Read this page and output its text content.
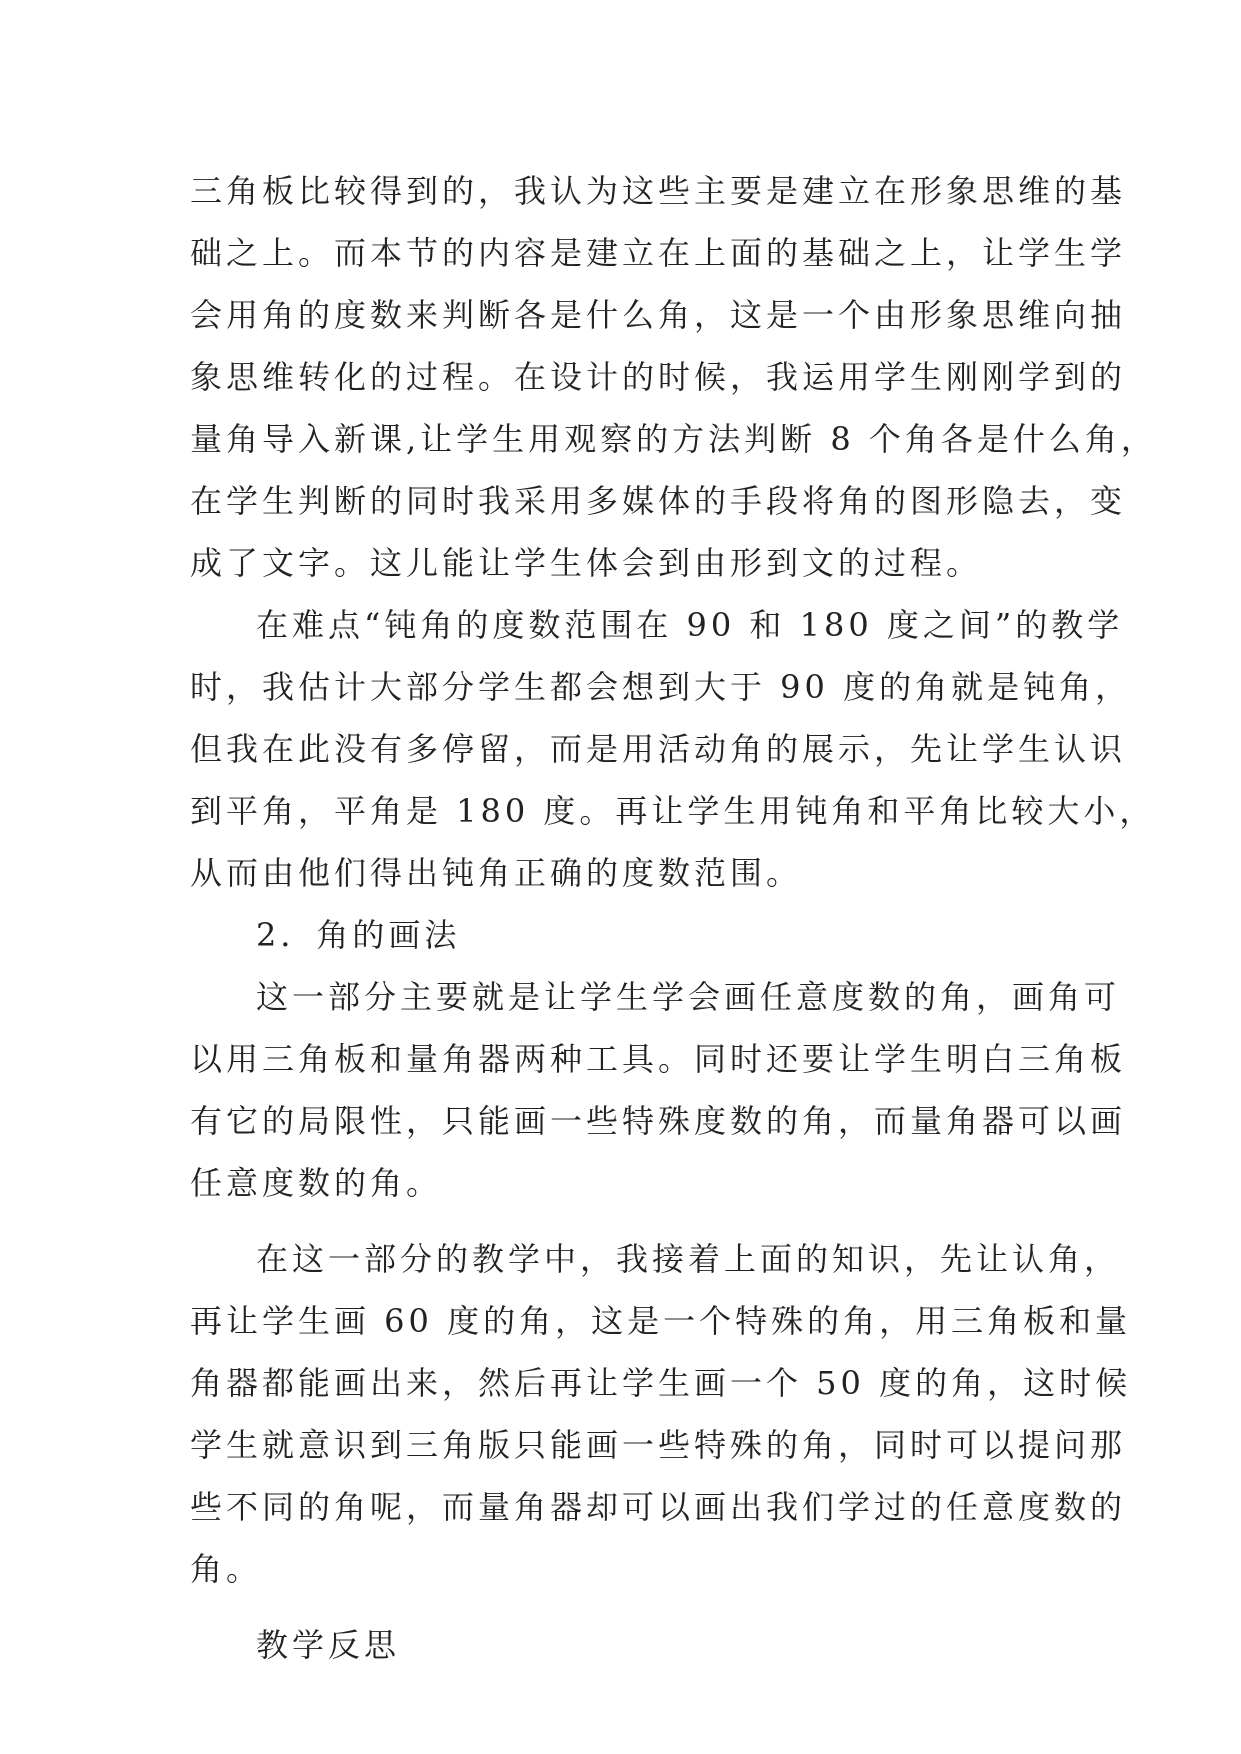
三角板比较得到的，我认为这些主要是建立在形象思维的基
础之上。而本节的内容是建立在上面的基础之上，让学生学
会用角的度数来判断各是什么角，这是一个由形象思维向抽
象思维转化的过程。在设计的时候，我运用学生刚刚学到的
量角导入新课,让学生用观察的方法判断 8 个角各是什么角，
在学生判断的同时我采用多媒体的手段将角的图形隐去，变
成了文字。这儿能让学生体会到由形到文的过程。
在难点“钝角的度数范围在 90 和 180 度之间”的教学
时，我估计大部分学生都会想到大于 90 度的角就是钝角，
但我在此没有多停留，而是用活动角的展示，先让学生认识
到平角，平角是 180 度。再让学生用钝角和平角比较大小，
从而由他们得出钝角正确的度数范围。
2．角的画法
这一部分主要就是让学生学会画任意度数的角，画角可
以用三角板和量角器两种工具。同时还要让学生明白三角板
有它的局限性，只能画一些特殊度数的角，而量角器可以画
任意度数的角。
在这一部分的教学中，我接着上面的知识，先让认角，
再让学生画 60 度的角，这是一个特殊的角，用三角板和量
角器都能画出来，然后再让学生画一个 50 度的角，这时候
学生就意识到三角版只能画一些特殊的角，同时可以提问那
些不同的角呢，而量角器却可以画出我们学过的任意度数的
角。
教学反思
